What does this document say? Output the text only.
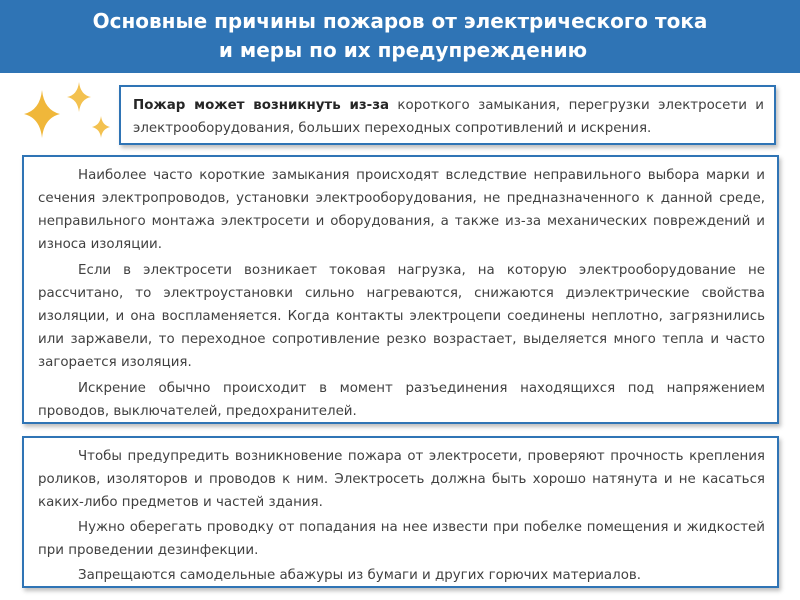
Основные причины пожаров от электрического тока
и меры по их предупреждению
Пожар может возникнуть из-за короткого замыкания, перегрузки электросети и электрооборудования, больших переходных сопротивлений и искрения.

Наиболее часто короткие замыкания происходят вследствие неправильного выбора марки и сечения электропроводов, установки электрооборудования, не предназначенного к данной среде, неправильного монтажа электросети и оборудования, а также из-за механических повреждений и износа изоляции.

Если в электросети возникает токовая нагрузка, на которую электрооборудование не рассчитано, то электроустановки сильно нагреваются, снижаются диэлектрические свойства изоляции, и она воспламеняется. Когда контакты электроцепи соединены неплотно, загрязнились или заржавели, то переходное сопротивление резко возрастает, выделяется много тепла и часто загорается изоляция.

Искрение обычно происходит в момент разъединения находящихся под напряжением проводов, выключателей, предохранителей.

Чтобы предупредить возникновение пожара от электросети, проверяют прочность крепления роликов, изоляторов и проводов к ним. Электросеть должна быть хорошо натянута и не касаться каких-либо предметов и частей здания.

Нужно оберегать проводку от попадания на нее извести при побелке помещения и жидкостей при проведении дезинфекции.

Запрещаются самодельные абажуры из бумаги и других горючих материалов.
